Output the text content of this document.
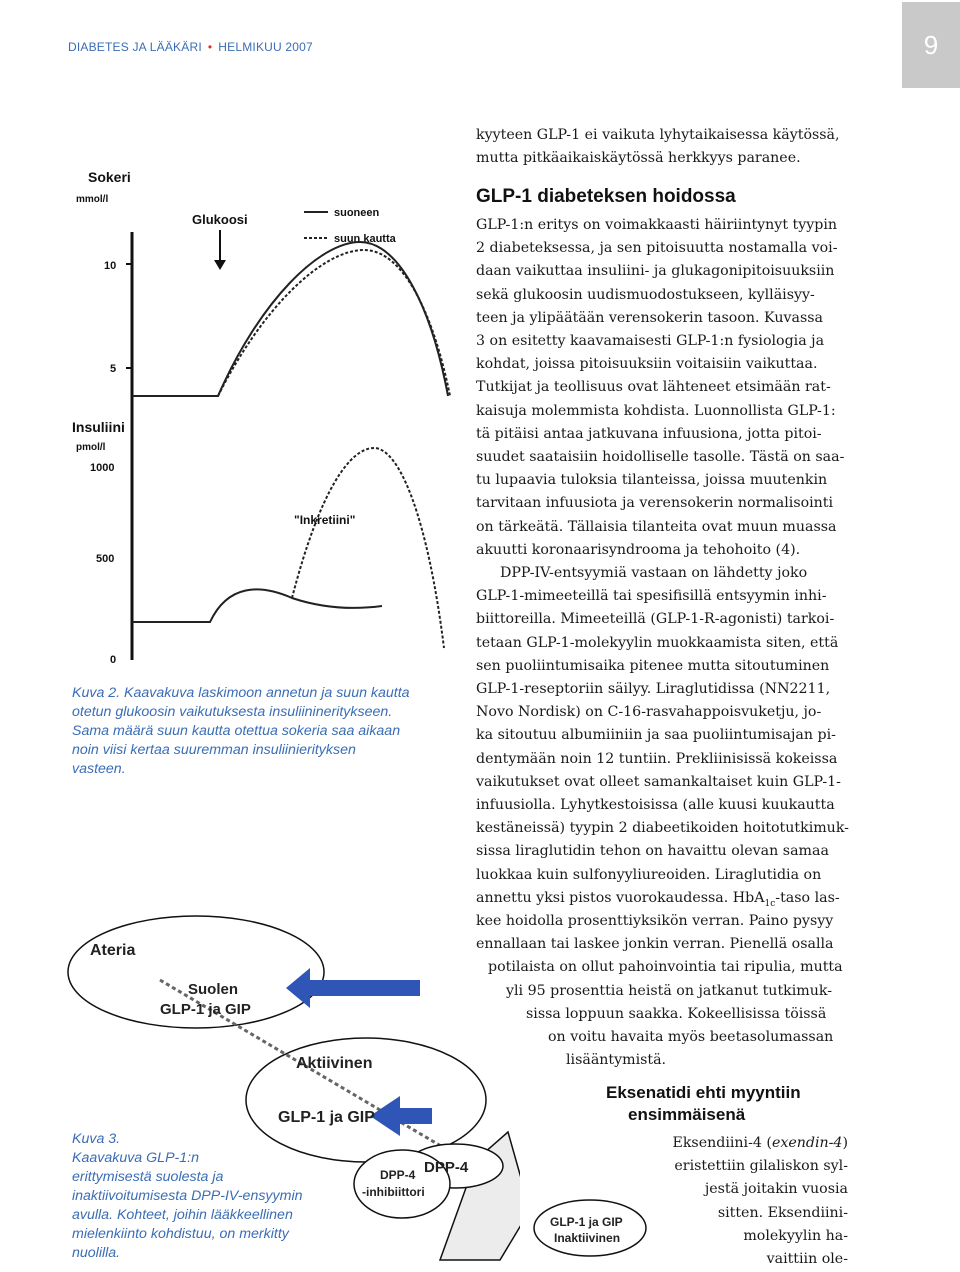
DIABETES JA LÄÄKÄRI • HELMIKUU 2007	9
Sokeri
mmol/l
10
5
Insuliini
pmol/l
1000
500
0
Glukoosi	suoneen
suun kautta
"Inkretiini"
Kuva 2. Kaavakuva laskimoon annetun ja suun kautta
otetun glukoosin vaikutuksesta insuliinineritykseen.
Sama määrä suun kautta otettua sokeria saa aikaan
noin viisi kertaa suuremman insuliinierityksen
vasteen.
Ateria
Suolen
GLP-1 ja GIP
Aktiivinen
GLP-1 ja GIP
DPP-4
DPP-4
-inhibiittori
GLP-1 ja GIP
Inaktiivinen
Kuva 3.
Kaavakuva GLP-1:n
erittymisestä suolesta ja
inaktiivoitumisesta DPP-IV-ensyymin
avulla. Kohteet, joihin lääkkeellinen
mielenkiinto kohdistuu, on merkitty
nuolilla.
kyyteen GLP-1 ei vaikuta lyhytaikaisessa käytössä,
mutta pitkäaikaiskäytössä herkkyys paranee.
GLP-1 diabeteksen hoidossa
GLP-1:n eritys on voimakkaasti häiriintynyt tyypin
2 diabeteksessa, ja sen pitoisuutta nostamalla voi-
daan vaikuttaa insuliini- ja glukagonipitoisuuksiin
sekä glukoosin uudismuodostukseen, kylläisyy-
teen ja ylipäätään verensokerin tasoon. Kuvassa
3 on esitetty kaavamaisesti GLP-1:n fysiologia ja
kohdat, joissa pitoisuuksiin voitaisiin vaikuttaa.
Tutkijat ja teollisuus ovat lähteneet etsimään rat-
kaisuja molemmista kohdista. Luonnollista GLP-1:
tä pitäisi antaa jatkuvana infuusiona, jotta pitoi-
suudet saataisiin hoidolliselle tasolle. Tästä on saa-
tu lupaavia tuloksia tilanteissa, joissa muutenkin
tarvitaan infuusiota ja verensokerin normalisointi
on tärkeätä. Tällaisia tilanteita ovat muun muassa
akuutti koronaarisyndrooma ja tehohoito (4).
DPP-IV-entsyymiä vastaan on lähdetty joko
GLP-1-mimeeteillä tai spesifisillä entsyymin inhi-
biittoreilla. Mimeeteillä (GLP-1-R-agonisti) tarkoi-
tetaan GLP-1-molekyylin muokkaamista siten, että
sen puoliintumisaika pitenee mutta sitoutuminen
GLP-1-reseptoriin säilyy. Liraglutidissa (NN2211,
Novo Nordisk) on C-16-rasvahappoisvuketju, jo-
ka sitoutuu albumiiniin ja saa puoliintumisajan pi-
dentymään noin 12 tuntiin. Prekliinisissä kokeissa
vaikutukset ovat olleet samankaltaiset kuin GLP-1-
infuusiolla. Lyhytkestoisissa (alle kuusi kuukautta
kestäneissä) tyypin 2 diabeetikoiden hoitotutkimuk-
sissa liraglutidin tehon on havaittu olevan samaa
luokkaa kuin sulfonyyliureoiden. Liraglutidia on
annettu yksi pistos vuorokaudessa. HbA$_{1c}$-taso las-
kee hoidolla prosenttiyksikön verran. Paino pysyy
ennallaan tai laskee jonkin verran. Pienellä osalla
potilaista on ollut pahoinvointia tai ripulia, mutta
yli 95 prosenttia heistä on jatkanut tutkimuk-
sissa loppuun saakka. Kokeellisissa töissä
on voitu havaita myös beetasolumassan
lisääntymistä.
Eksenatidi ehti myyntiin
ensimmäisenä
Eksendiini-4 (exendin-4)
eristettiin gilaliskon syl-
jestä joitakin vuosia
sitten. Eksendiini-
molekyylin ha-
vaittiin ole-
